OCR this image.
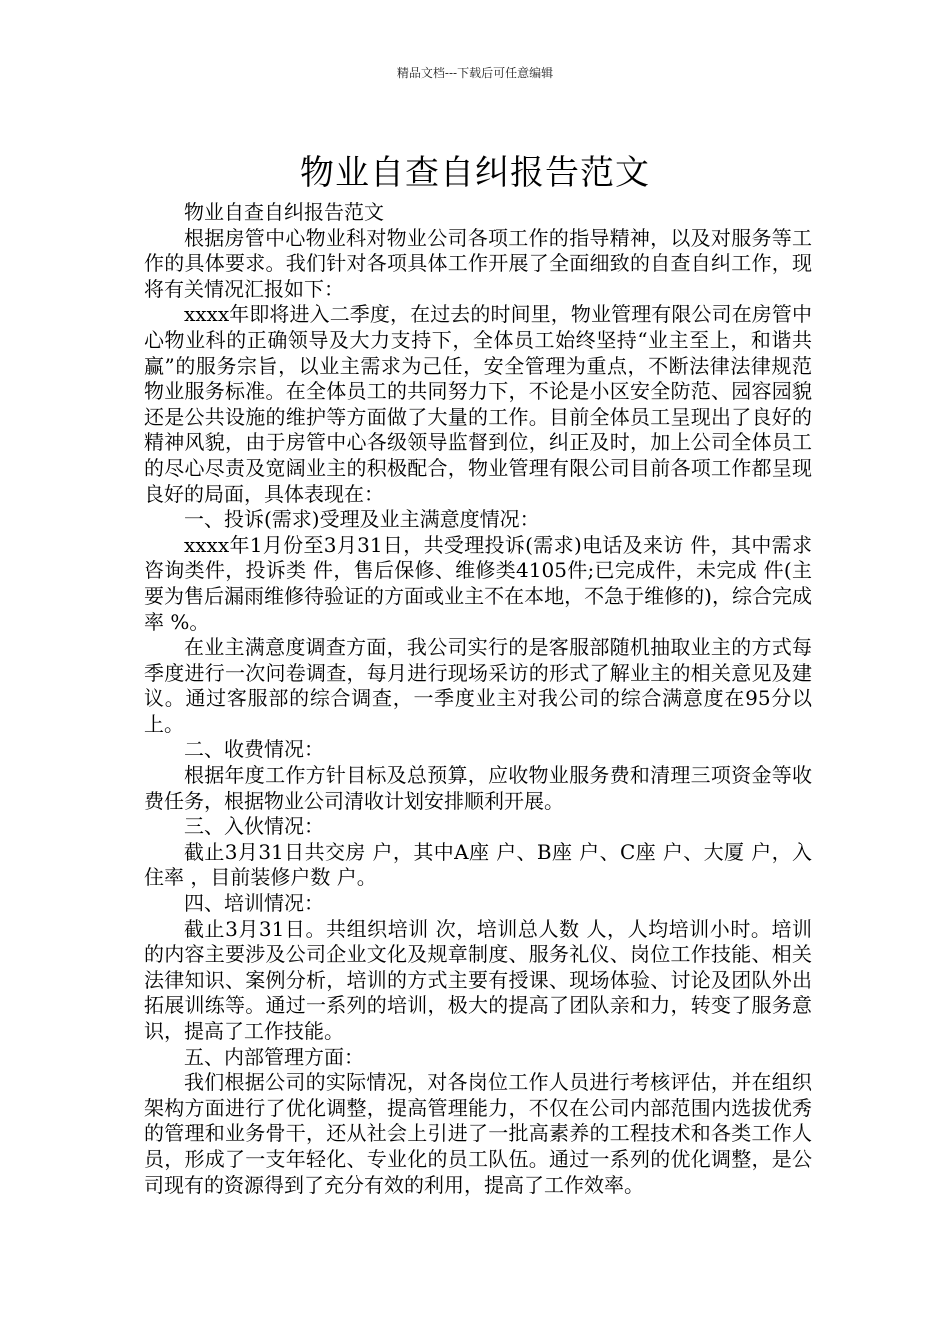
精品文档---下载后可任意编辑
物业自查自纠报告范文

物业自查自纠报告范文

根据房管中心物业科对物业公司各项工作的指导精神，以及对服务等工作的具体要求。我们针对各项具体工作开展了全面细致的自查自纠工作，现将有关情况汇报如下：

xxxx年即将进入二季度，在过去的时间里，物业管理有限公司在房管中心物业科的正确领导及大力支持下，全体员工始终坚持“业主至上，和谐共赢”的服务宗旨，以业主需求为己任，安全管理为重点，不断法律法律规范物业服务标准。在全体员工的共同努力下，不论是小区安全防范、园容园貌还是公共设施的维护等方面做了大量的工作。目前全体员工呈现出了良好的精神风貌，由于房管中心各级领导监督到位，纠正及时，加上公司全体员工的尽心尽责及宽阔业主的积极配合，物业管理有限公司目前各项工作都呈现良好的局面，具体表现在：

一、投诉(需求)受理及业主满意度情况：

xxxx年1月份至3月31日，共受理投诉(需求)电话及来访 件，其中需求咨询类件，投诉类 件，售后保修、维修类4105件;已完成件，未完成 件(主要为售后漏雨维修待验证的方面或业主不在本地，不急于维修的)，综合完成率 %。

在业主满意度调查方面，我公司实行的是客服部随机抽取业主的方式每季度进行一次问卷调查，每月进行现场采访的形式了解业主的相关意见及建议。通过客服部的综合调查，一季度业主对我公司的综合满意度在95分以上。

二、收费情况：

根据年度工作方针目标及总预算，应收物业服务费和清理三项资金等收费任务，根据物业公司清收计划安排顺利开展。

三、入伙情况：

截止3月31日共交房 户，其中A座 户、B座 户、C座 户、大厦 户，入住率 ，目前装修户数 户。

四、培训情况：

截止3月31日。共组织培训 次，培训总人数 人，人均培训小时。培训的内容主要涉及公司企业文化及规章制度、服务礼仪、岗位工作技能、相关法律知识、案例分析，培训的方式主要有授课、现场体验、讨论及团队外出拓展训练等。通过一系列的培训，极大的提高了团队亲和力，转变了服务意识，提高了工作技能。

五、内部管理方面：

我们根据公司的实际情况，对各岗位工作人员进行考核评估，并在组织架构方面进行了优化调整，提高管理能力，不仅在公司内部范围内选拔优秀的管理和业务骨干，还从社会上引进了一批高素养的工程技术和各类工作人员，形成了一支年轻化、专业化的员工队伍。通过一系列的优化调整，是公司现有的资源得到了充分有效的利用，提高了工作效率。
